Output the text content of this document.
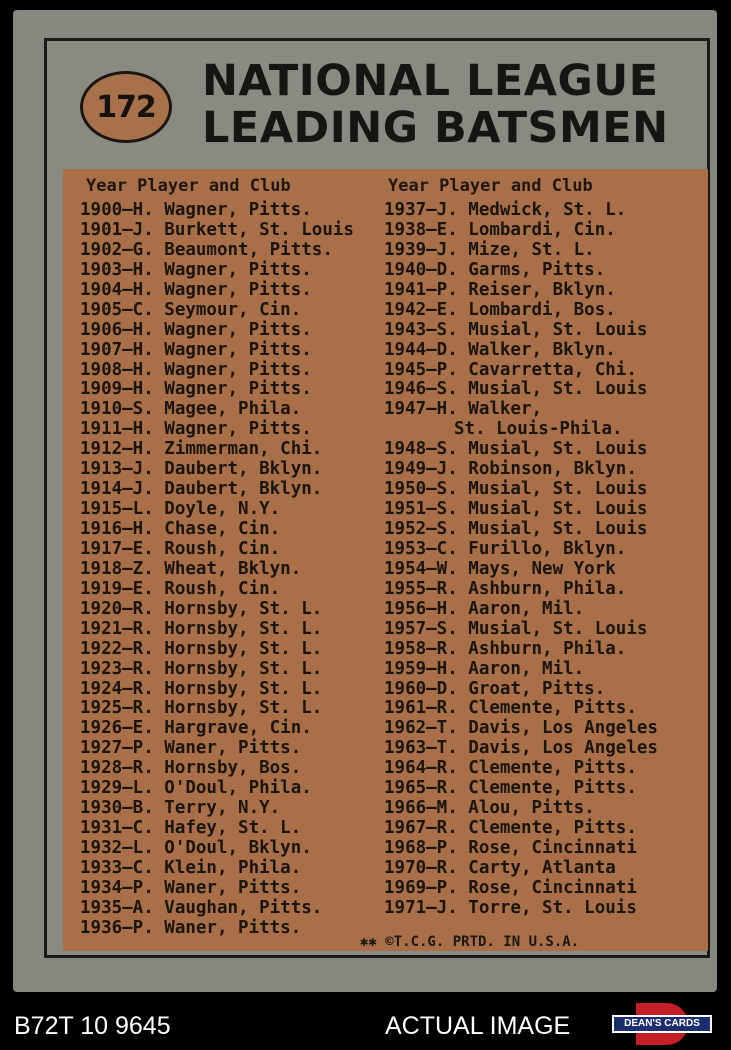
172
NATIONAL LEAGUE
LEADING BATSMEN
Year Player and Club	Year Player and Club
1900—H. Wagner, Pitts.
1901—J. Burkett, St. Louis
1902—G. Beaumont, Pitts.
1903—H. Wagner, Pitts.
1904—H. Wagner, Pitts.
1905—C. Seymour, Cin.
1906—H. Wagner, Pitts.
1907—H. Wagner, Pitts.
1908—H. Wagner, Pitts.
1909—H. Wagner, Pitts.
1910—S. Magee, Phila.
1911—H. Wagner, Pitts.
1912—H. Zimmerman, Chi.
1913—J. Daubert, Bklyn.
1914—J. Daubert, Bklyn.
1915—L. Doyle, N.Y.
1916—H. Chase, Cin.
1917—E. Roush, Cin.
1918—Z. Wheat, Bklyn.
1919—E. Roush, Cin.
1920—R. Hornsby, St. L.
1921—R. Hornsby, St. L.
1922—R. Hornsby, St. L.
1923—R. Hornsby, St. L.
1924—R. Hornsby, St. L.
1925—R. Hornsby, St. L.
1926—E. Hargrave, Cin.
1927—P. Waner, Pitts.
1928—R. Hornsby, Bos.
1929—L. O'Doul, Phila.
1930—B. Terry, N.Y.
1931—C. Hafey, St. L.
1932—L. O'Doul, Bklyn.
1933—C. Klein, Phila.
1934—P. Waner, Pitts.
1935—A. Vaughan, Pitts.
1936—P. Waner, Pitts.
1937—J. Medwick, St. L.
1938—E. Lombardi, Cin.
1939—J. Mize, St. L.
1940—D. Garms, Pitts.
1941—P. Reiser, Bklyn.
1942—E. Lombardi, Bos.
1943—S. Musial, St. Louis
1944—D. Walker, Bklyn.
1945—P. Cavarretta, Chi.
1946—S. Musial, St. Louis
1947—H. Walker,
St. Louis-Phila.
1948—S. Musial, St. Louis
1949—J. Robinson, Bklyn.
1950—S. Musial, St. Louis
1951—S. Musial, St. Louis
1952—S. Musial, St. Louis
1953—C. Furillo, Bklyn.
1954—W. Mays, New York
1955—R. Ashburn, Phila.
1956—H. Aaron, Mil.
1957—S. Musial, St. Louis
1958—R. Ashburn, Phila.
1959—H. Aaron, Mil.
1960—D. Groat, Pitts.
1961—R. Clemente, Pitts.
1962—T. Davis, Los Angeles
1963—T. Davis, Los Angeles
1964—R. Clemente, Pitts.
1965—R. Clemente, Pitts.
1966—M. Alou, Pitts.
1967—R. Clemente, Pitts.
1968—P. Rose, Cincinnati
1970—R. Carty, Atlanta
1969—P. Rose, Cincinnati
1971—J. Torre, St. Louis
✱✱ ©T.C.G. PRTD. IN U.S.A.
B72T 10 9645	ACTUAL IMAGE	DEAN'S CARDS
